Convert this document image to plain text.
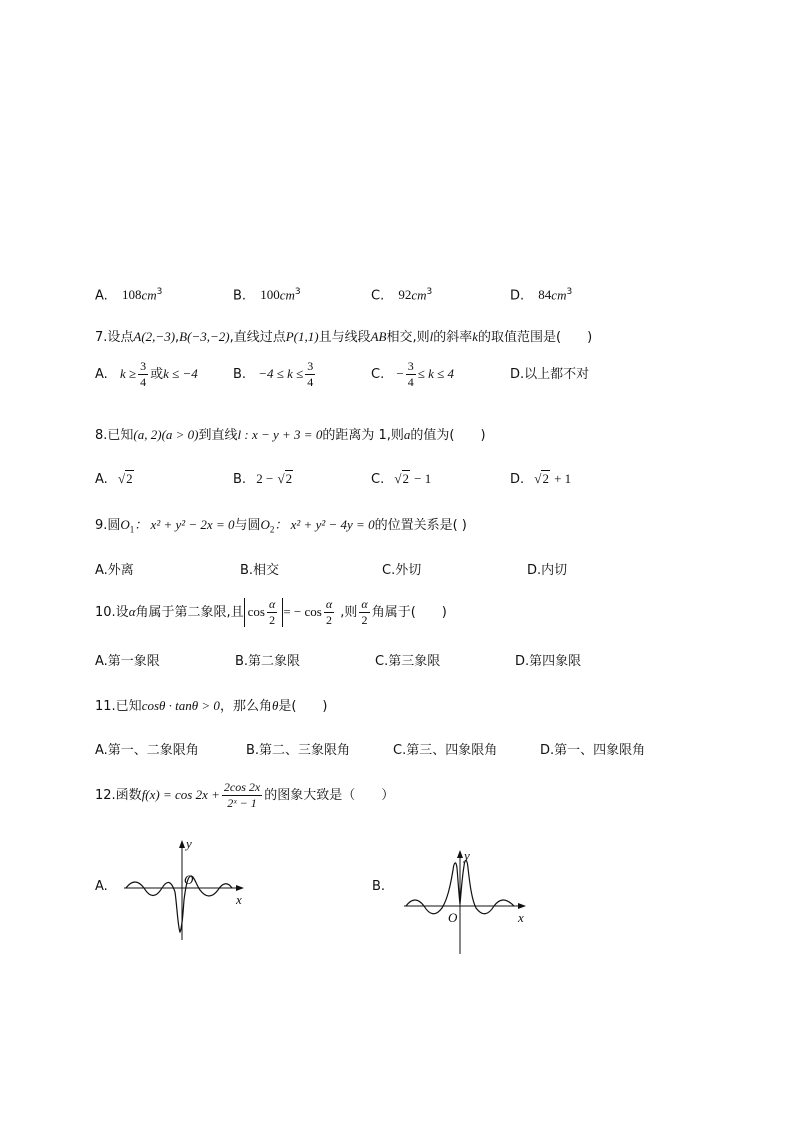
A. $108cm^3$	B. $100cm^3$	C. $92cm^3$	D. $84cm^3$
7.设点A(2,−3),B(−3,−2),直线过点P(1,1)且与线段AB相交,则l的斜率k的取值范围是(　　)
A. $k \ge \frac{3}{4}$ 或k ≤ −4	B. $-4 \le k \le \frac{3}{4}$	C. − $\frac{3}{4} \le k \le 4$	D.以上都不对
8.已知(a, 2)(a > 0)到直线l : x − y + 3 = 0的距离为 1,则a的值为(　　)
A. √2	B. 2 − √2	C. √2 − 1	D. √2 + 1
9.圆$O_1$： x² + y² − 2x = 0与圆$O_2$： x² + y² − 4y = 0的位置关系是( )
A.外离	B.相交	C.外切	D.内切
10.设α角属于第二象限,且 $\cos \frac{\alpha}{2}$ = − $\cos \frac{\alpha}{2}$ ,则 $\frac{\alpha}{2}$ 角属于(　　)
A.第一象限	B.第二象限	C.第三象限	D.第四象限
11.已知cosθ · tanθ > 0，那么角θ是(　　)
A.第一、二象限角	B.第二、三象限角	C.第三、四象限角	D.第一、四象限角
12.函数$f(x) = \cos 2x + \frac{2\cos 2x}{\text{2ˣ − 1}}$ 的图象大致是（　　）
A.
y
x
O	B.
y
x
O
